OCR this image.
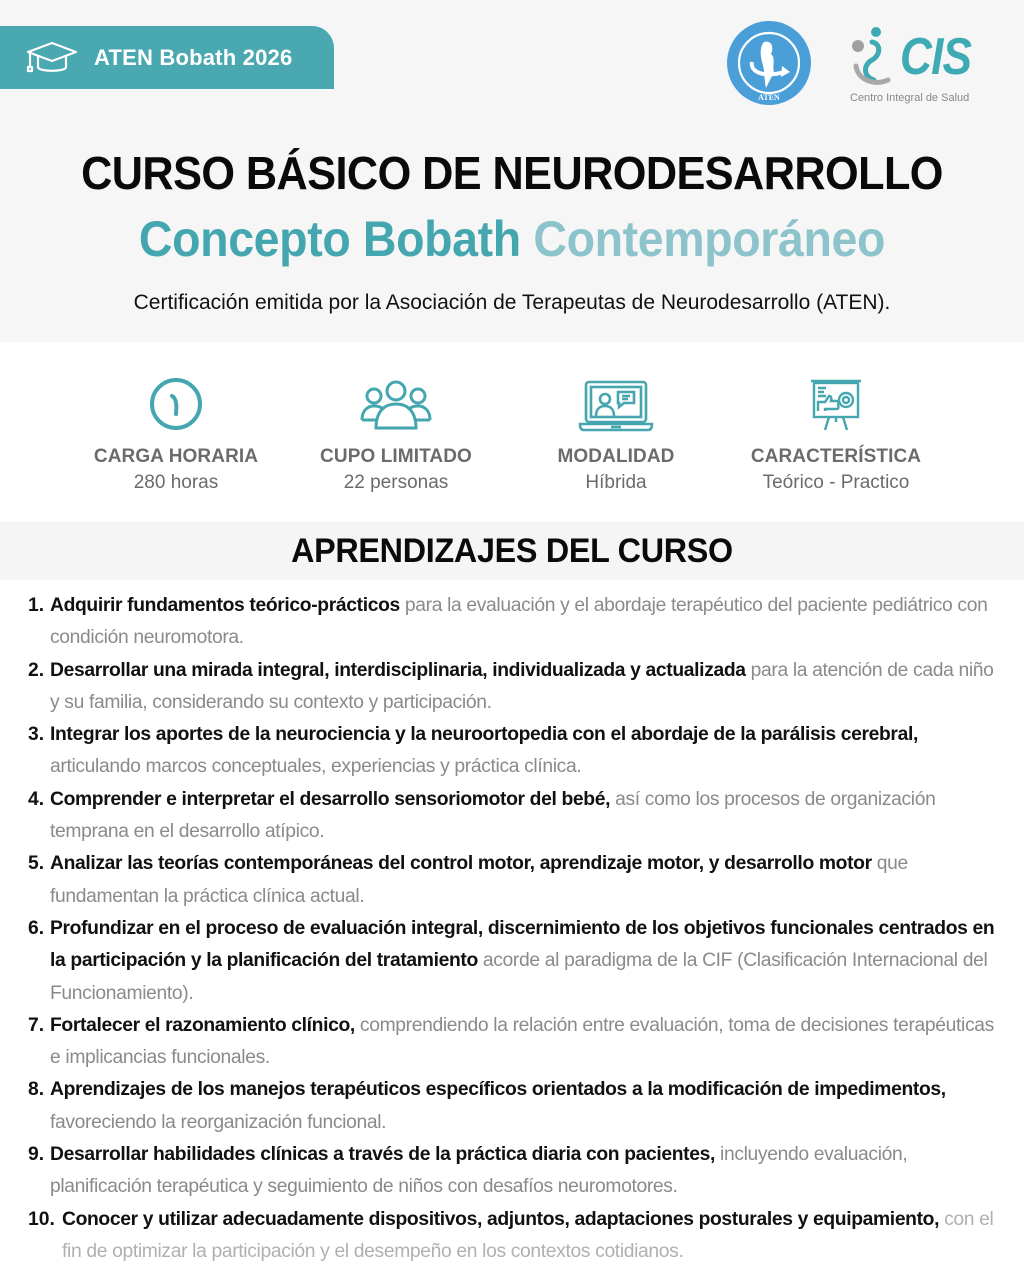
ATEN Bobath 2026
ATEN
CIS
Centro Integral de Salud
CURSO BÁSICO DE NEURODESARROLLO
Concepto Bobath Contemporáneo
Certificación emitida por la Asociación de Terapeutas de Neurodesarrollo (ATEN).
CARGA HORARIA
280 horas
CUPO LIMITADO
22 personas
MODALIDAD
Híbrida
CARACTERÍSTICA
Teórico - Practico
APRENDIZAJES DEL CURSO
1. Adquirir fundamentos teórico-prácticos para la evaluación y el abordaje terapéutico del paciente pediátrico con condición neuromotora.
2. Desarrollar una mirada integral, interdisciplinaria, individualizada y actualizada para la atención de cada niño y su familia, considerando su contexto y participación.
3. Integrar los aportes de la neurociencia y la neuroortopedia con el abordaje de la parálisis cerebral, articulando marcos conceptuales, experiencias y práctica clínica.
4. Comprender e interpretar el desarrollo sensoriomotor del bebé, así como los procesos de organización temprana en el desarrollo atípico.
5. Analizar las teorías contemporáneas del control motor, aprendizaje motor, y desarrollo motor que fundamentan la práctica clínica actual.
6. Profundizar en el proceso de evaluación integral, discernimiento de los objetivos funcionales centrados en la participación y la planificación del tratamiento acorde al paradigma de la CIF (Clasificación Internacional del Funcionamiento).
7. Fortalecer el razonamiento clínico, comprendiendo la relación entre evaluación, toma de decisiones terapéuticas e implicancias funcionales.
8. Aprendizajes de los manejos terapéuticos específicos orientados a la modificación de impedimentos, favoreciendo la reorganización funcional.
9. Desarrollar habilidades clínicas a través de la práctica diaria con pacientes, incluyendo evaluación, planificación terapéutica y seguimiento de niños con desafíos neuromotores.
10. Conocer y utilizar adecuadamente dispositivos, adjuntos, adaptaciones posturales y equipamiento, con el fin de optimizar la participación y el desempeño en los contextos cotidianos.
